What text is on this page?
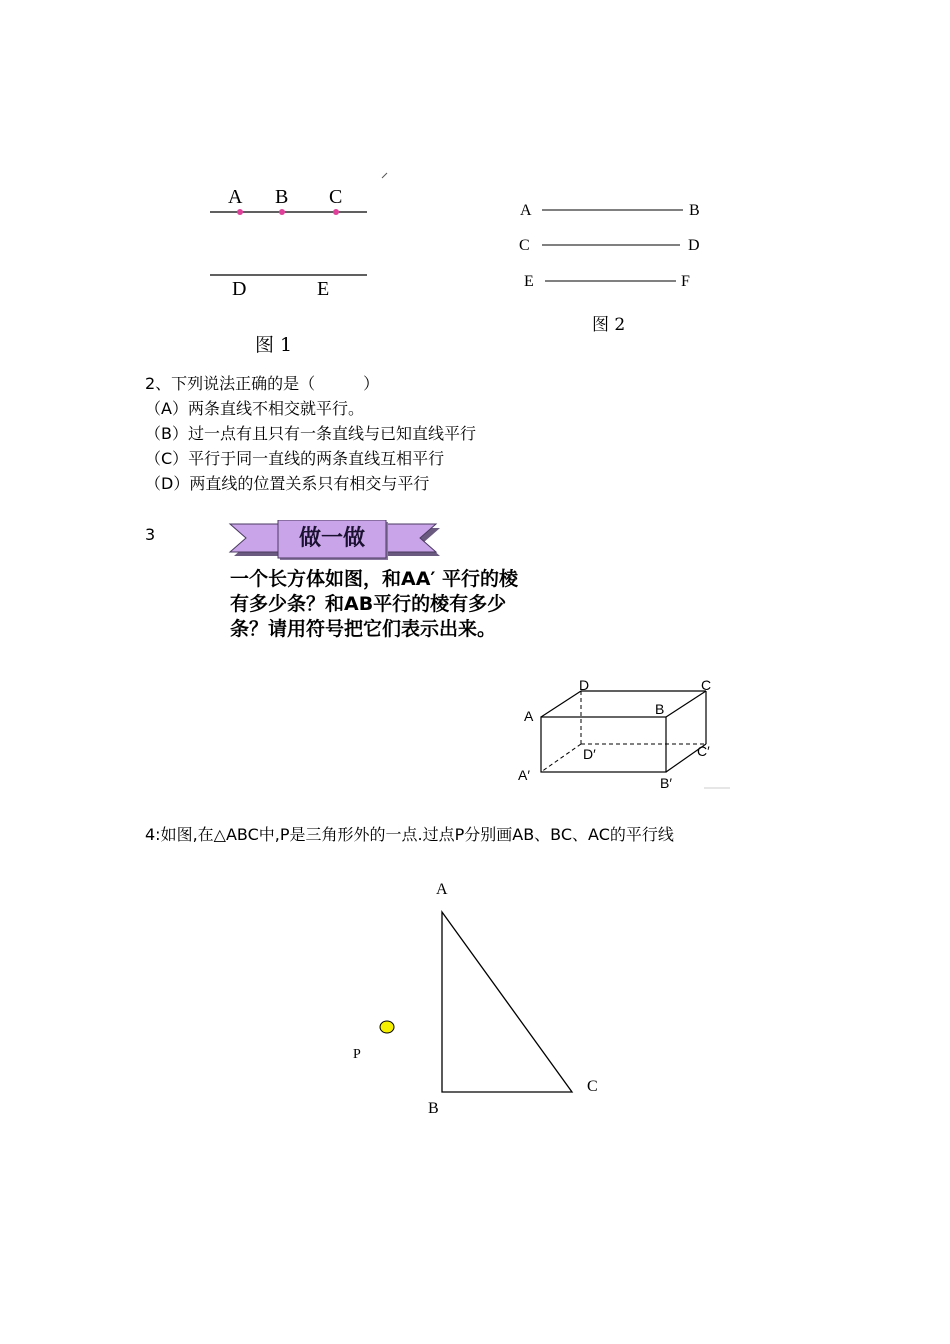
A B C
D	E
图 1
A	B
C	D
E	F
图 2
2、下列说法正确的是（　　　）
（A）两条直线不相交就平行。
（B）过一点有且只有一条直线与已知直线平行
（C）平行于同一直线的两条直线互相平行
（D）两直线的位置关系只有相交与平行
3	做一做
一个长方体如图，和AA′ 平行的棱
有多少条？和AB平行的棱有多少
条？请用符号把它们表示出来。
D	C
A	B
D′	C′
A′	B′
4:如图,在△ABC中,P是三角形外的一点.过点P分别画AB、BC、AC的平行线
A
B
C
P
